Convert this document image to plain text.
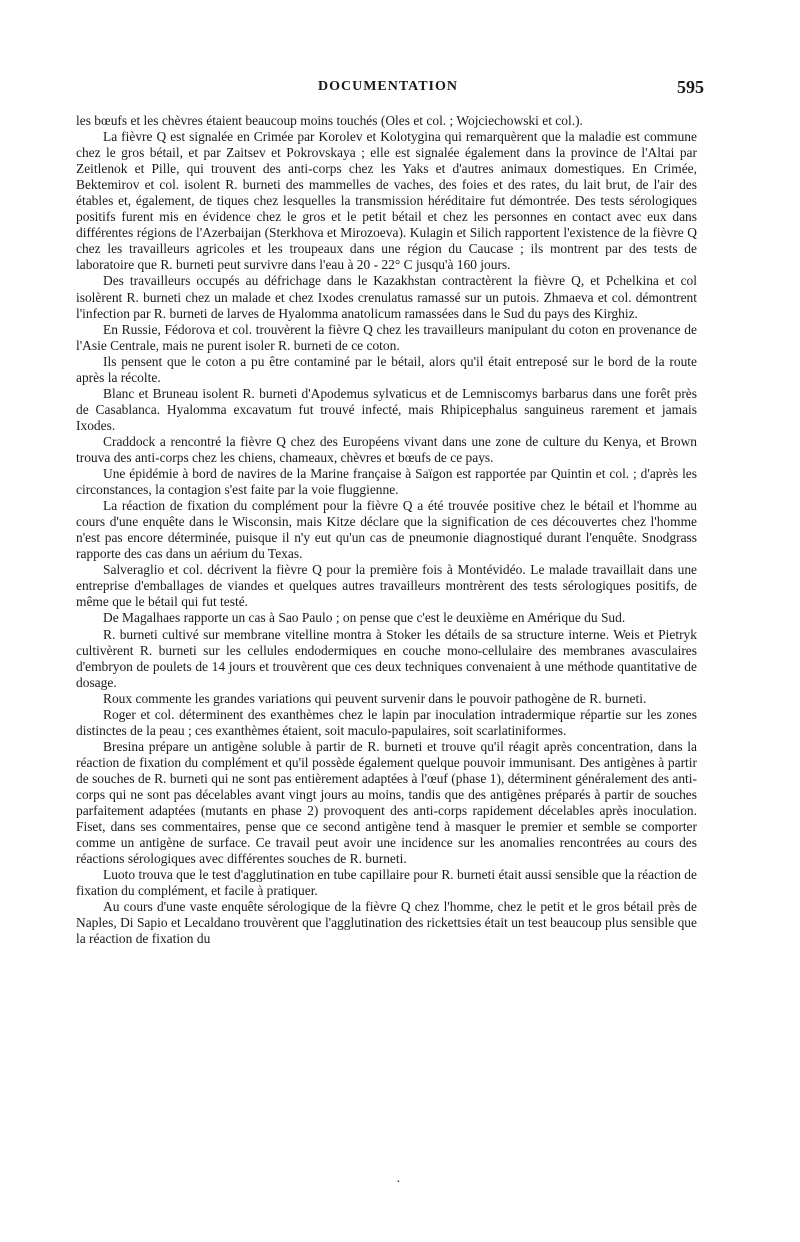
DOCUMENTATION	595

les bœufs et les chèvres étaient beaucoup moins touchés (Oles et col. ; Wojciechowski et col.).

La fièvre Q est signalée en Crimée par Korolev et Kolotygina qui remarquèrent que la maladie est commune chez le gros bétail, et par Zaitsev et Pokrovskaya ; elle est signalée également dans la province de l'Altai par Zeitlenok et Pille, qui trouvent des anti-corps chez les Yaks et d'autres animaux domestiques. En Crimée, Bektemirov et col. isolent R. burneti des mammelles de vaches, des foies et des rates, du lait brut, de l'air des étables et, également, de tiques chez lesquelles la transmission héréditaire fut démontrée. Des tests sérologiques positifs furent mis en évidence chez le gros et le petit bétail et chez les personnes en contact avec eux dans différentes régions de l'Azerbaijan (Sterkhova et Mirozoeva). Kulagin et Silich rapportent l'existence de la fièvre Q chez les travailleurs agricoles et les troupeaux dans une région du Caucase ; ils montrent par des tests de laboratoire que R. burneti peut survivre dans l'eau à 20 - 22° C jusqu'à 160 jours.

Des travailleurs occupés au défrichage dans le Kazakhstan contractèrent la fièvre Q, et Pchelkina et col isolèrent R. burneti chez un malade et chez Ixodes crenulatus ramassé sur un putois. Zhmaeva et col. démontrent l'infection par R. burneti de larves de Hyalomma anatolicum ramassées dans le Sud du pays des Kirghiz.

En Russie, Fédorova et col. trouvèrent la fièvre Q chez les travailleurs manipulant du coton en provenance de l'Asie Centrale, mais ne purent isoler R. burneti de ce coton.

Ils pensent que le coton a pu être contaminé par le bétail, alors qu'il était entreposé sur le bord de la route après la récolte.

Blanc et Bruneau isolent R. burneti d'Apodemus sylvaticus et de Lemniscomys barbarus dans une forêt près de Casablanca. Hyalomma excavatum fut trouvé infecté, mais Rhipicephalus sanguineus rarement et jamais Ixodes.

Craddock a rencontré la fièvre Q chez des Européens vivant dans une zone de culture du Kenya, et Brown trouva des anti-corps chez les chiens, chameaux, chèvres et bœufs de ce pays.

Une épidémie à bord de navires de la Marine française à Saïgon est rapportée par Quintin et col. ; d'après les circonstances, la contagion s'est faite par la voie fluggienne.

La réaction de fixation du complément pour la fièvre Q a été trouvée positive chez le bétail et l'homme au cours d'une enquête dans le Wisconsin, mais Kitze déclare que la signification de ces découvertes chez l'homme n'est pas encore déterminée, puisque il n'y eut qu'un cas de pneumonie diagnostiqué durant l'enquête. Snodgrass rapporte des cas dans un aérium du Texas.

Salveraglio et col. décrivent la fièvre Q pour la première fois à Montévidéo. Le malade travaillait dans une entreprise d'emballages de viandes et quelques autres travailleurs montrèrent des tests sérologiques positifs, de même que le bétail qui fut testé.

De Magalhaes rapporte un cas à Sao Paulo ; on pense que c'est le deuxième en Amérique du Sud.

R. burneti cultivé sur membrane vitelline montra à Stoker les détails de sa structure interne. Weis et Pietryk cultivèrent R. burneti sur les cellules endodermiques en couche mono-cellulaire des membranes avasculaires d'embryon de poulets de 14 jours et trouvèrent que ces deux techniques convenaient à une méthode quantitative de dosage.

Roux commente les grandes variations qui peuvent survenir dans le pouvoir pathogène de R. burneti.

Roger et col. déterminent des exanthèmes chez le lapin par inoculation intradermique répartie sur les zones distinctes de la peau ; ces exanthèmes étaient, soit maculo-papulaires, soit scarlatiniformes.

Bresina prépare un antigène soluble à partir de R. burneti et trouve qu'il réagit après concentration, dans la réaction de fixation du complément et qu'il possède également quelque pouvoir immunisant. Des antigènes à partir de souches de R. burneti qui ne sont pas entièrement adaptées à l'œuf (phase 1), déterminent généralement des anti-corps qui ne sont pas décelables avant vingt jours au moins, tandis que des antigènes préparés à partir de souches parfaitement adaptées (mutants en phase 2) provoquent des anti-corps rapidement décelables après inoculation. Fiset, dans ses commentaires, pense que ce second antigène tend à masquer le premier et semble se comporter comme un antigène de surface. Ce travail peut avoir une incidence sur les anomalies rencontrées au cours des réactions sérologiques avec différentes souches de R. burneti.

Luoto trouva que le test d'agglutination en tube capillaire pour R. burneti était aussi sensible que la réaction de fixation du complément, et facile à pratiquer.

Au cours d'une vaste enquête sérologique de la fièvre Q chez l'homme, chez le petit et le gros bétail près de Naples, Di Sapio et Lecaldano trouvèrent que l'agglutination des rickettsies était un test beaucoup plus sensible que la réaction de fixation du

·
